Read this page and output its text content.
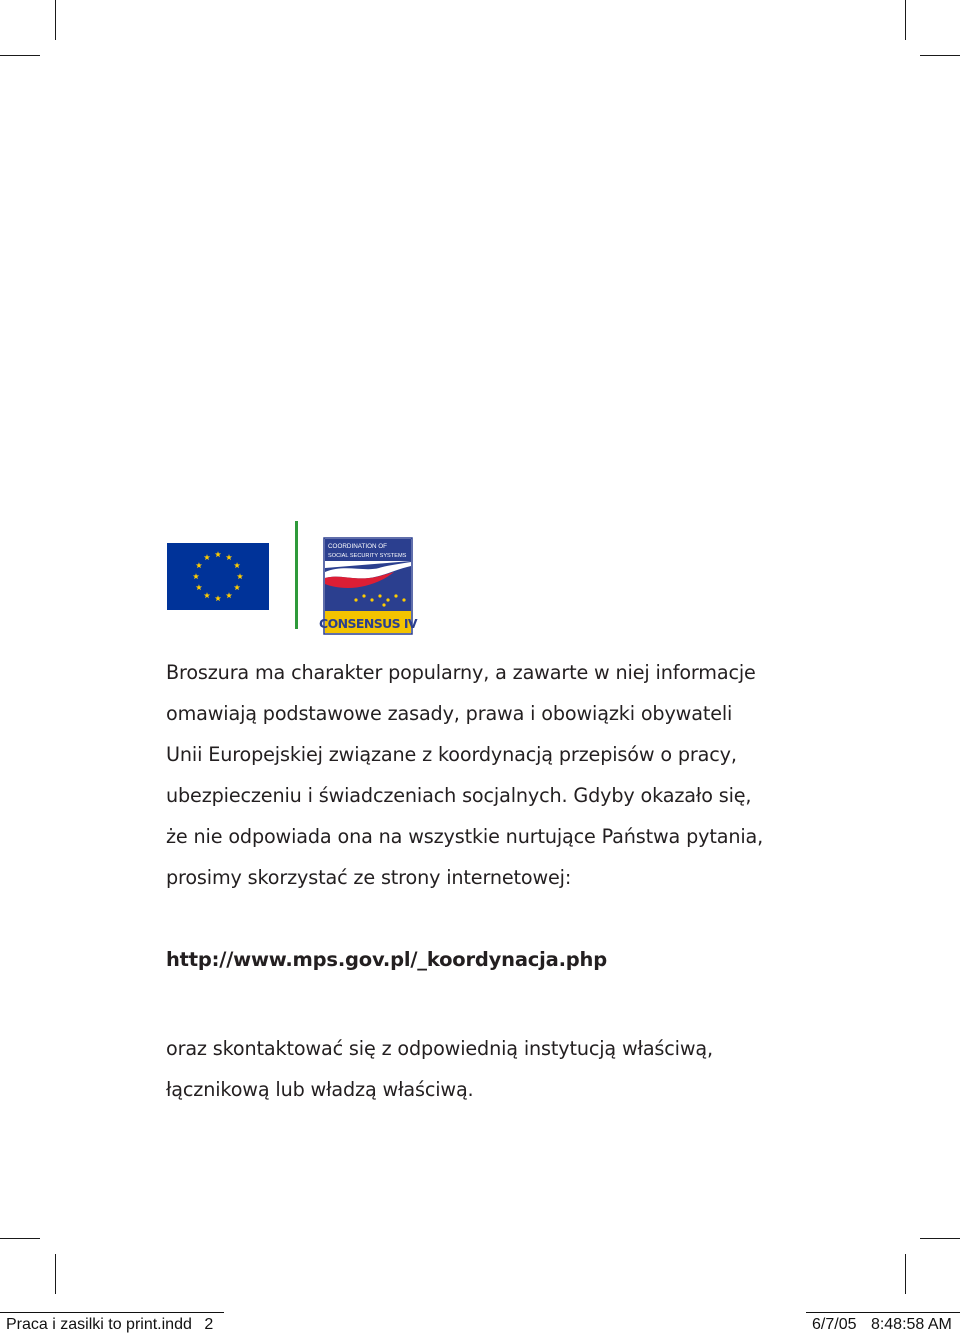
COORDINATION OF
SOCIAL SECURITY SYSTEMS
CONSENSUS IV

Broszura ma charakter popularny, a zawarte w niej informacje

omawiają podstawowe zasady, prawa i obowiązki obywateli

Unii Europejskiej związane z koordynacją przepisów o pracy,

ubezpieczeniu i świadczeniach socjalnych. Gdyby okazało się,

że nie odpowiada ona na wszystkie nurtujące Państwa pytania,

prosimy skorzystać ze strony internetowej:

http://www.mps.gov.pl/_koordynacja.php

oraz skontaktować się z odpowiednią instytucją właściwą,

łącznikową lub władzą właściwą.

Praca i zasilki to print.indd 2	6/7/05 8:48:58 AM
